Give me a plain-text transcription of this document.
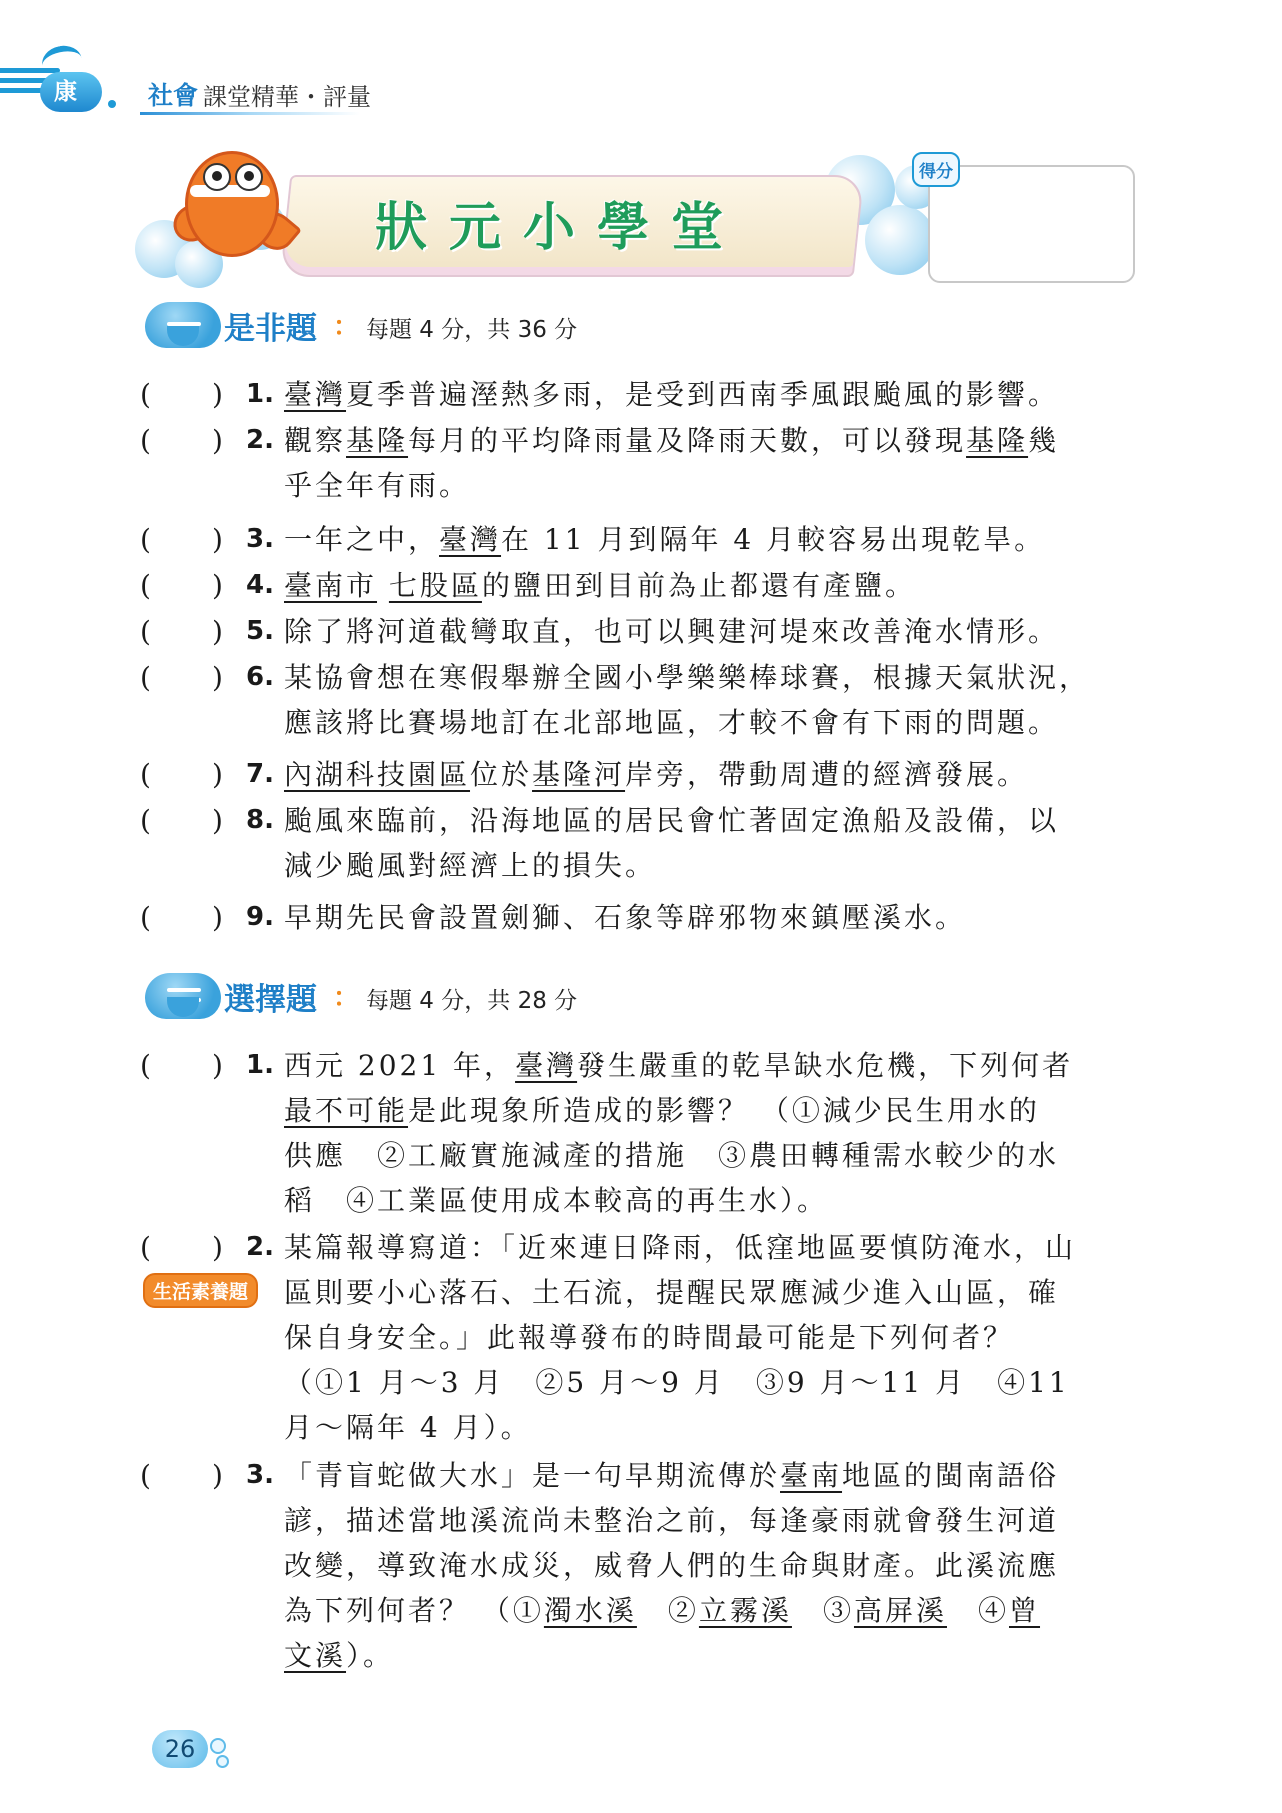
康	社會 課堂精華・評量
狀元小學堂
得分
是非題 ： 每題 4 分，共 36 分
( ) 1. 臺灣夏季普遍溼熱多雨，是受到西南季風跟颱風的影響。

( ) 2. 觀察基隆每月的平均降雨量及降雨天數，可以發現基隆幾

乎全年有雨。

( ) 3. 一年之中，臺灣在 11 月到隔年 4 月較容易出現乾旱。

( ) 4. 臺南市 七股區的鹽田到目前為止都還有產鹽。

( ) 5. 除了將河道截彎取直，也可以興建河堤來改善淹水情形。

( ) 6. 某協會想在寒假舉辦全國小學樂樂棒球賽，根據天氣狀況，

應該將比賽場地訂在北部地區，才較不會有下雨的問題。

( ) 7. 內湖科技園區位於基隆河岸旁，帶動周遭的經濟發展。

( ) 8. 颱風來臨前，沿海地區的居民會忙著固定漁船及設備，以

減少颱風對經濟上的損失。

( ) 9. 早期先民會設置劍獅、石象等辟邪物來鎮壓溪水。

選擇題 ： 每題 4 分，共 28 分
( ) 1. 西元 2021 年，臺灣發生嚴重的乾旱缺水危機，下列何者

最不可能是此現象所造成的影響？ （①減少民生用水的

供應　②工廠實施減產的措施　③農田轉種需水較少的水

稻　④工業區使用成本較高的再生水）。

( ) 2. 某篇報導寫道：「近來連日降雨，低窪地區要慎防淹水，山

區則要小心落石、土石流，提醒民眾應減少進入山區，確

保自身安全。」此報導發布的時間最可能是下列何者？

（①1 月～3 月　②5 月～9 月　③9 月～11 月　④11

月～隔年 4 月）。

( ) 3. 「青盲蛇做大水」是一句早期流傳於臺南地區的閩南語俗

諺，描述當地溪流尚未整治之前，每逢豪雨就會發生河道

改變，導致淹水成災，威脅人們的生命與財產。此溪流應

為下列何者？ （①濁水溪　②立霧溪　③高屏溪　④曾

文溪）。

生活素養題
26
